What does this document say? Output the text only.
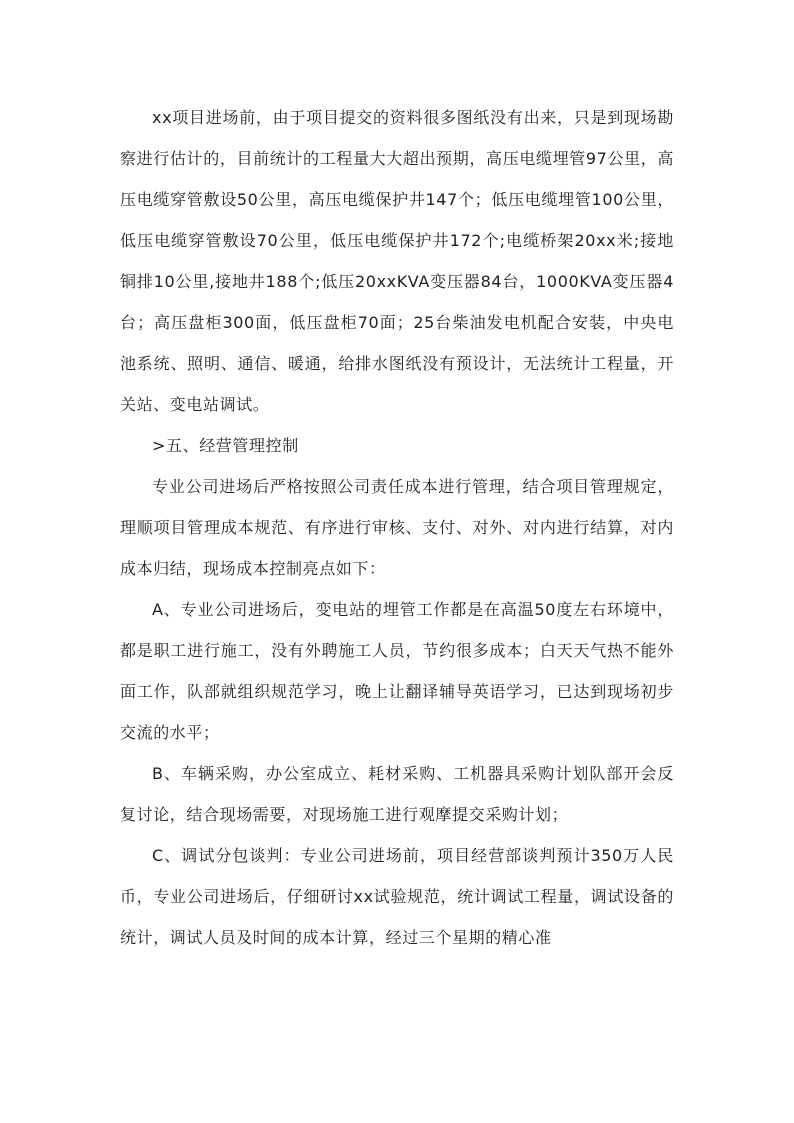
xx项目进场前，由于项目提交的资料很多图纸没有出来，只是到现场勘察进行估计的，目前统计的工程量大大超出预期，高压电缆埋管97公里，高压电缆穿管敷设50公里，高压电缆保护井147个；低压电缆埋管100公里，低压电缆穿管敷设70公里，低压电缆保护井172个;电缆桥架20xx米;接地铜排10公里,接地井188个;低压20xxKVA变压器84台，1000KVA变压器4台；高压盘柜300面，低压盘柜70面；25台柴油发电机配合安装，中央电池系统、照明、通信、暖通，给排水图纸没有预设计，无法统计工程量，开关站、变电站调试。

>五、经营管理控制

专业公司进场后严格按照公司责任成本进行管理，结合项目管理规定，理顺项目管理成本规范、有序进行审核、支付、对外、对内进行结算，对内成本归结，现场成本控制亮点如下：

A、专业公司进场后，变电站的埋管工作都是在高温50度左右环境中，都是职工进行施工，没有外聘施工人员，节约很多成本；白天天气热不能外面工作，队部就组织规范学习，晚上让翻译辅导英语学习，已达到现场初步交流的水平；

B、车辆采购，办公室成立、耗材采购、工机器具采购计划队部开会反复讨论，结合现场需要，对现场施工进行观摩提交采购计划；

C、调试分包谈判：专业公司进场前，项目经营部谈判预计350万人民币，专业公司进场后，仔细研讨xx试验规范，统计调试工程量，调试设备的统计，调试人员及时间的成本计算，经过三个星期的精心准
